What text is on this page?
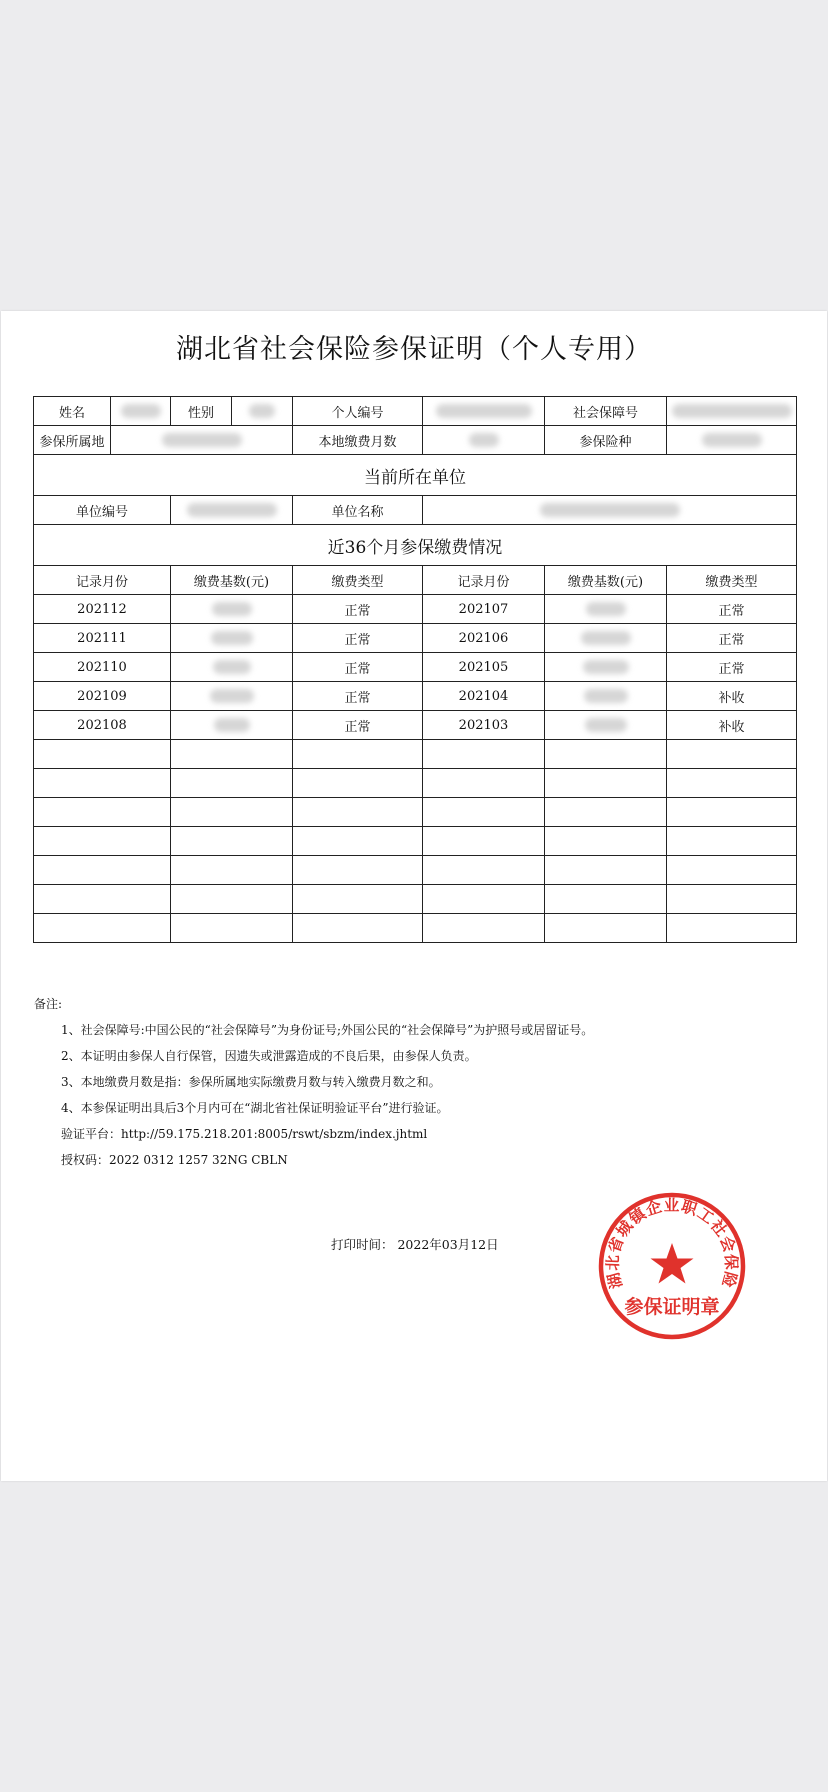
湖北省社会保险参保证明（个人专用）
姓名		性别		个人编号		社会保障号	
参保所属地				本地缴费月数		参保险种	
当前所在单位							
单位编号				单位名称			
近36个月参保缴费情况							
记录月份		缴费基数(元)		缴费类型	记录月份	缴费基数(元)	缴费类型
202112				正常	202107		正常
202111				正常	202106		正常
202110				正常	202105		正常
202109				正常	202104		补收
202108				正常	202103		补收

备注:
1、社会保障号:中国公民的“社会保障号”为身份证号;外国公民的“社会保障号”为护照号或居留证号。
2、本证明由参保人自行保管，因遗失或泄露造成的不良后果，由参保人负责。
3、本地缴费月数是指：参保所属地实际缴费月数与转入缴费月数之和。
4、本参保证明出具后3个月内可在“湖北省社保证明验证平台”进行验证。
验证平台：http://59.175.218.201:8005/rswt/sbzm/index.jhtml
授权码：2022 0312 1257 32NG CBLN
打印时间： 2022年03月12日
湖北省城镇企业职工社会保险
参保证明章
